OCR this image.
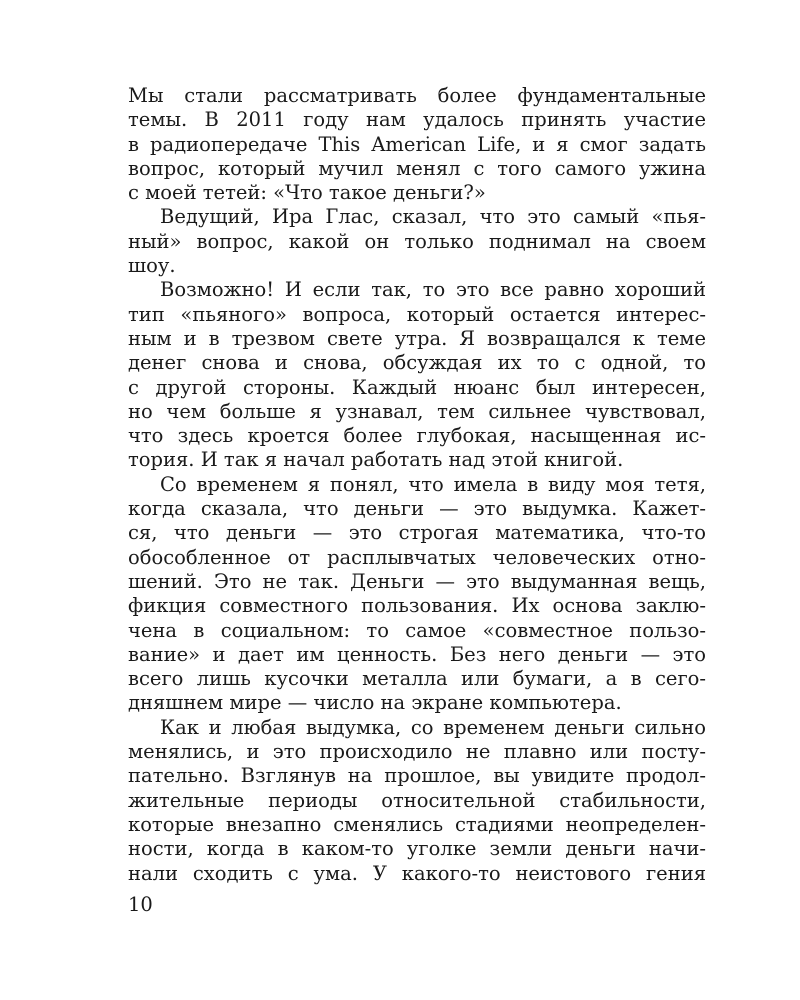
Мы стали рассматривать более фундаментальные
темы. В 2011 году нам удалось принять участие
в радиопередаче This American Life, и я смог задать
вопрос, который мучил менял с того самого ужина
с моей тетей: «Что такое деньги?»
Ведущий, Ира Глас, сказал, что это самый «пья-
ный» вопрос, какой он только поднимал на своем
шоу.
Возможно! И если так, то это все равно хороший
тип «пьяного» вопроса, который остается интерес-
ным и в трезвом свете утра. Я возвращался к теме
денег снова и снова, обсуждая их то с одной, то
с другой стороны. Каждый нюанс был интересен,
но чем больше я узнавал, тем сильнее чувствовал,
что здесь кроется более глубокая, насыщенная ис-
тория. И так я начал работать над этой книгой.
Со временем я понял, что имела в виду моя тетя,
когда сказала, что деньги — это выдумка. Кажет-
ся, что деньги — это строгая математика, что-то
обособленное от расплывчатых человеческих отно-
шений. Это не так. Деньги — это выдуманная вещь,
фикция совместного пользования. Их основа заклю-
чена в социальном: то самое «совместное пользо-
вание» и дает им ценность. Без него деньги — это
всего лишь кусочки металла или бумаги, а в сего-
дняшнем мире — число на экране компьютера.
Как и любая выдумка, со временем деньги сильно
менялись, и это происходило не плавно или посту-
пательно. Взглянув на прошлое, вы увидите продол-
жительные периоды относительной стабильности,
которые внезапно сменялись стадиями неопределен-
ности, когда в каком-то уголке земли деньги начи-
нали сходить с ума. У какого-то неистового гения
10
